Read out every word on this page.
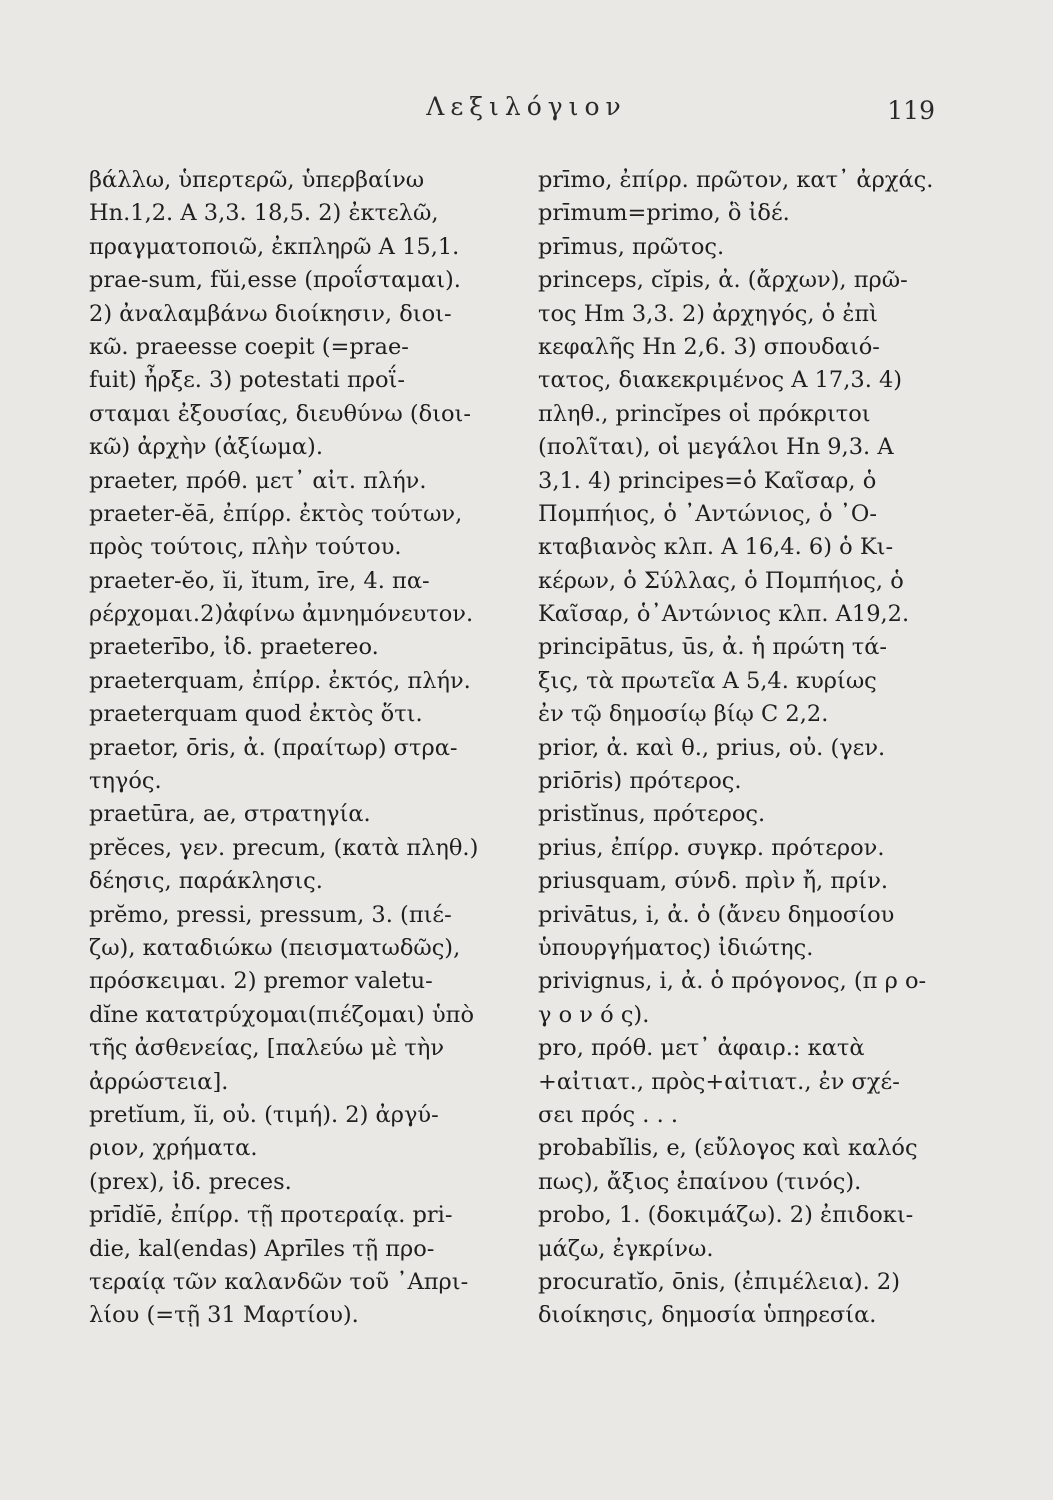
Λεξιλόγιον	119
βάλλω, ὑπερτερῶ, ὑπερβαίνω
Hn.1,2. A 3,3. 18,5. 2) ἐκτελῶ,
πραγματοποιῶ, ἐκπληρῶ A 15,1.
prae-sum, fŭi,esse (προΐσταμαι).
2) ἀναλαμβάνω διοίκησιν, διοι-
κῶ. praeesse coepit (=prae-
fuit) ἦρξε. 3) potestati προΐ-
σταμαι ἐξουσίας, διευθύνω (διοι-
κῶ) ἀρχὴν (ἀξίωμα).
praeter, πρόθ. μετ᾽ αἰτ. πλήν.
praeter-ĕā, ἐπίρρ. ἐκτὸς τούτων,
πρὸς τούτοις, πλὴν τούτου.
praeter-ĕo, ĭi, ĭtum, īre, 4. πα-
ρέρχομαι.2)ἀφίνω ἀμνημόνευτον.
praeterībo, ἰδ. praetereo.
praeterquam, ἐπίρρ. ἐκτός, πλήν.
praeterquam quod ἐκτὸς ὅτι.
praetor, ōris, ἀ. (πραίτωρ) στρα-
τηγός.
praetūra, ae, στρατηγία.
prĕces, γεν. precum, (κατὰ πληθ.)
δέησις, παράκλησις.
prĕmo, pressi, pressum, 3. (πιέ-
ζω), καταδιώκω (πεισματωδῶς),
πρόσκειμαι. 2) premor valetu-
dĭne κατατρύχομαι(πιέζομαι) ὑπὸ
τῆς ἀσθενείας, [παλεύω μὲ τὴν
ἀρρώστεια].
pretĭum, ĭi, οὐ. (τιμή). 2) ἀργύ-
ριον, χρήματα.
(prex), ἰδ. preces.
prīdĭē, ἐπίρρ. τῇ προτεραίᾳ. pri-
die, kal(endas) Aprīles τῇ προ-
τεραίᾳ τῶν καλανδῶν τοῦ ᾽Απρι-
λίου (=τῇ 31 Μαρτίου).
prīmo, ἐπίρρ. πρῶτον, κατ᾽ ἀρχάς.
prīmum=primo, ὃ ἰδέ.
prīmus, πρῶτος.
princeps, cĭpis, ἀ. (ἄρχων), πρῶ-
τος Hm 3,3. 2) ἀρχηγός, ὁ ἐπὶ
κεφαλῆς Hn 2,6. 3) σπουδαιό-
τατος, διακεκριμένος A 17,3. 4)
πληθ., princĭpes οἱ πρόκριτοι
(πολῖται), οἱ μεγάλοι Hn 9,3. A
3,1. 4) principes=ὁ Καῖσαρ, ὁ
Πομπήιος, ὁ ᾽Αντώνιος, ὁ ᾽Ο-
κταβιανὸς κλπ. A 16,4. 6) ὁ Κι-
κέρων, ὁ Σύλλας, ὁ Πομπήιος, ὁ
Καῖσαρ, ὁ᾽Αντώνιος κλπ. A19,2.
principātus, ūs, ἀ. ἡ πρώτη τά-
ξις, τὰ πρωτεῖα A 5,4. κυρίως
ἐν τῷ δημοσίῳ βίῳ C 2,2.
prior, ἀ. καὶ θ., prius, οὐ. (γεν.
priōris) πρότερος.
pristĭnus, πρότερος.
prius, ἐπίρρ. συγκρ. πρότερον.
priusquam, σύνδ. πρὶν ἤ, πρίν.
privātus, i, ἀ. ὁ (ἄνευ δημοσίου
ὑπουργήματος) ἰδιώτης.
privignus, i, ἀ. ὁ πρόγονος, (π ρ ο-
γ ο ν ό ς).
pro, πρόθ. μετ᾽ ἀφαιρ.: κατὰ
+αἰτιατ., πρὸς+αἰτιατ., ἐν σχέ-
σει πρός . . .
probabĭlis, e, (εὔλογος καὶ καλός
πως), ἄξιος ἐπαίνου (τινός).
probo, 1. (δοκιμάζω). 2) ἐπιδοκι-
μάζω, ἐγκρίνω.
procuratĭo, ōnis, (ἐπιμέλεια). 2)
διοίκησις, δημοσία ὑπηρεσία.
